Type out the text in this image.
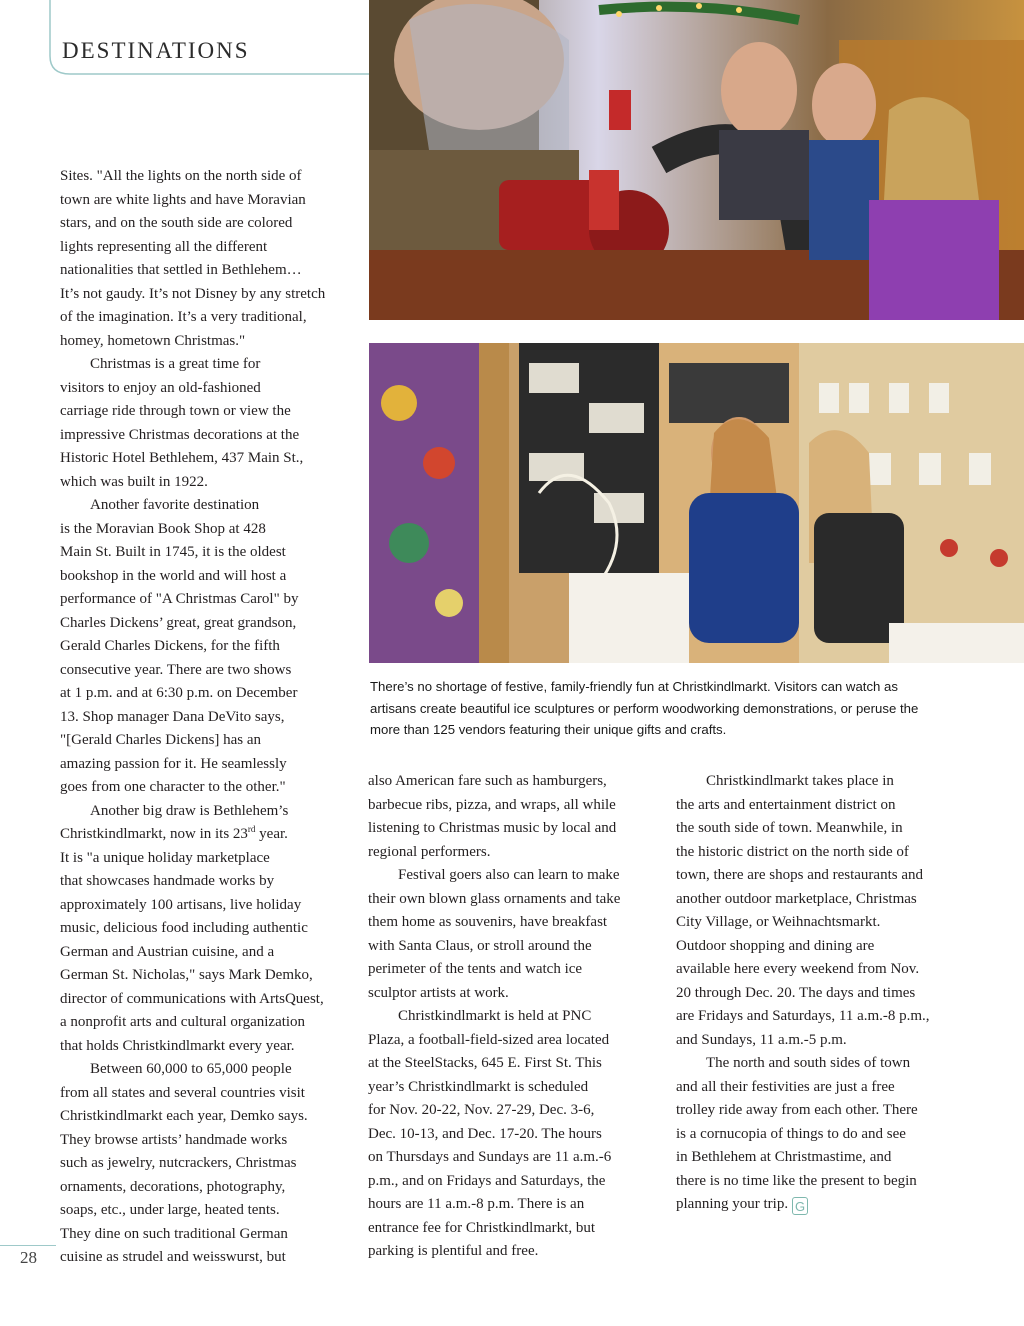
DESTINATIONS
There’s no shortage of festive, family-friendly fun at Christkindlmarkt. Visitors can watch as
artisans create beautiful ice sculptures or perform woodworking demonstrations, or peruse the
more than 125 vendors featuring their unique gifts and crafts.
Sites. "All the lights on the north side of
town are white lights and have Moravian
stars, and on the south side are colored
lights representing all the different
nationalities that settled in Bethlehem…
It’s not gaudy. It’s not Disney by any stretch
of the imagination. It’s a very traditional,
homey, hometown Christmas."
Christmas is a great time for
visitors to enjoy an old-fashioned
carriage ride through town or view the
impressive Christmas decorations at the
Historic Hotel Bethlehem, 437 Main St.,
which was built in 1922.
Another favorite destination
is the Moravian Book Shop at 428
Main St. Built in 1745, it is the oldest
bookshop in the world and will host a
performance of "A Christmas Carol" by
Charles Dickens’ great, great grandson,
Gerald Charles Dickens, for the fifth
consecutive year. There are two shows
at 1 p.m. and at 6:30 p.m. on December
13. Shop manager Dana DeVito says,
"[Gerald Charles Dickens] has an
amazing passion for it. He seamlessly
goes from one character to the other."
Another big draw is Bethlehem’s
Christkindlmarkt, now in its 23rd year.
It is "a unique holiday marketplace
that showcases handmade works by
approximately 100 artisans, live holiday
music, delicious food including authentic
German and Austrian cuisine, and a
German St. Nicholas," says Mark Demko,
director of communications with ArtsQuest,
a nonprofit arts and cultural organization
that holds Christkindlmarkt every year.
Between 60,000 to 65,000 people
from all states and several countries visit
Christkindlmarkt each year, Demko says.
They browse artists’ handmade works
such as jewelry, nutcrackers, Christmas
ornaments, decorations, photography,
soaps, etc., under large, heated tents.
They dine on such traditional German
cuisine as strudel and weisswurst, but
also American fare such as hamburgers,
barbecue ribs, pizza, and wraps, all while
listening to Christmas music by local and
regional performers.
Festival goers also can learn to make
their own blown glass ornaments and take
them home as souvenirs, have breakfast
with Santa Claus, or stroll around the
perimeter of the tents and watch ice
sculptor artists at work.
Christkindlmarkt is held at PNC
Plaza, a football-field-sized area located
at the SteelStacks, 645 E. First St. This
year’s Christkindlmarkt is scheduled
for Nov. 20-22, Nov. 27-29, Dec. 3-6,
Dec. 10-13, and Dec. 17-20. The hours
on Thursdays and Sundays are 11 a.m.-6
p.m., and on Fridays and Saturdays, the
hours are 11 a.m.-8 p.m. There is an
entrance fee for Christkindlmarkt, but
parking is plentiful and free.
Christkindlmarkt takes place in
the arts and entertainment district on
the south side of town. Meanwhile, in
the historic district on the north side of
town, there are shops and restaurants and
another outdoor marketplace, Christmas
City Village, or Weihnachtsmarkt.
Outdoor shopping and dining are
available here every weekend from Nov.
20 through Dec. 20. The days and times
are Fridays and Saturdays, 11 a.m.-8 p.m.,
and Sundays, 11 a.m.-5 p.m.
The north and south sides of town
and all their festivities are just a free
trolley ride away from each other. There
is a cornucopia of things to do and see
in Bethlehem at Christmastime, and
there is no time like the present to begin
planning your trip. G
28
